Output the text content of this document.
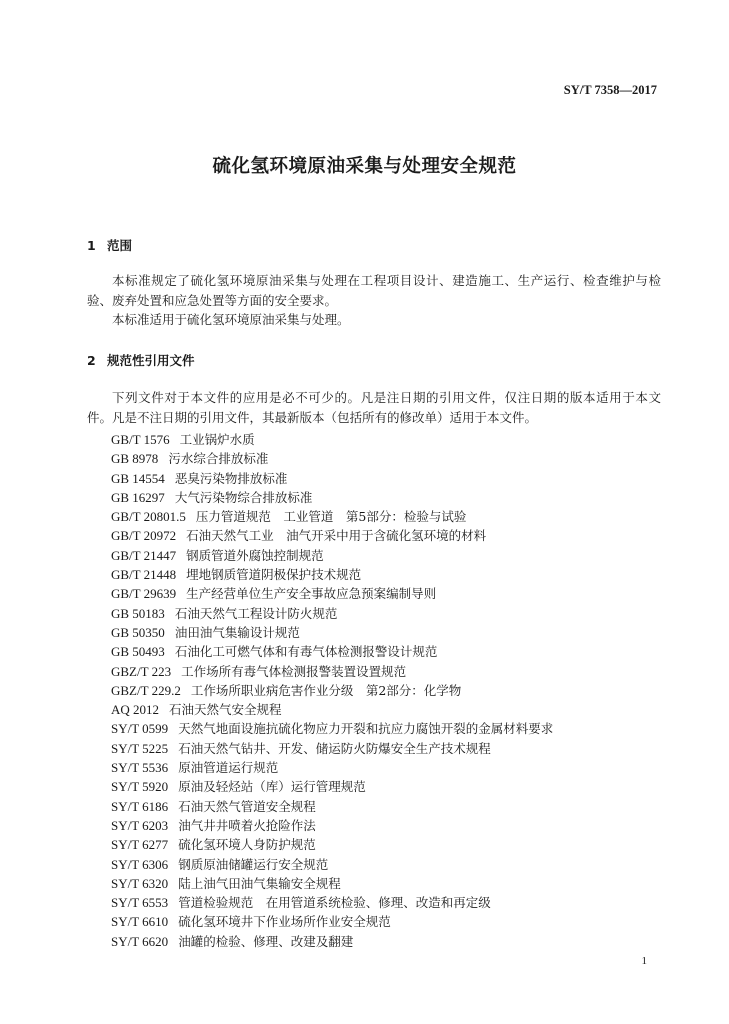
SY/T 7358—2017
硫化氢环境原油采集与处理安全规范
1 范围
本标准规定了硫化氢环境原油采集与处理在工程项目设计、建造施工、生产运行、检查维护与检验、废弃处置和应急处置等方面的安全要求。
本标准适用于硫化氢环境原油采集与处理。
2 规范性引用文件
下列文件对于本文件的应用是必不可少的。凡是注日期的引用文件，仅注日期的版本适用于本文件。凡是不注日期的引用文件，其最新版本（包括所有的修改单）适用于本文件。
GB/T 1576 工业锅炉水质
GB 8978 污水综合排放标准
GB 14554 恶臭污染物排放标准
GB 16297 大气污染物综合排放标准
GB/T 20801.5 压力管道规范　工业管道　第5部分：检验与试验
GB/T 20972 石油天然气工业　油气开采中用于含硫化氢环境的材料
GB/T 21447 钢质管道外腐蚀控制规范
GB/T 21448 埋地钢质管道阴极保护技术规范
GB/T 29639 生产经营单位生产安全事故应急预案编制导则
GB 50183 石油天然气工程设计防火规范
GB 50350 油田油气集输设计规范
GB 50493 石油化工可燃气体和有毒气体检测报警设计规范
GBZ/T 223 工作场所有毒气体检测报警装置设置规范
GBZ/T 229.2 工作场所职业病危害作业分级　第2部分：化学物
AQ 2012 石油天然气安全规程
SY/T 0599 天然气地面设施抗硫化物应力开裂和抗应力腐蚀开裂的金属材料要求
SY/T 5225 石油天然气钻井、开发、储运防火防爆安全生产技术规程
SY/T 5536 原油管道运行规范
SY/T 5920 原油及轻烃站（库）运行管理规范
SY/T 6186 石油天然气管道安全规程
SY/T 6203 油气井井喷着火抢险作法
SY/T 6277 硫化氢环境人身防护规范
SY/T 6306 钢质原油储罐运行安全规范
SY/T 6320 陆上油气田油气集输安全规程
SY/T 6553 管道检验规范　在用管道系统检验、修理、改造和再定级
SY/T 6610 硫化氢环境井下作业场所作业安全规范
SY/T 6620 油罐的检验、修理、改建及翻建
1
